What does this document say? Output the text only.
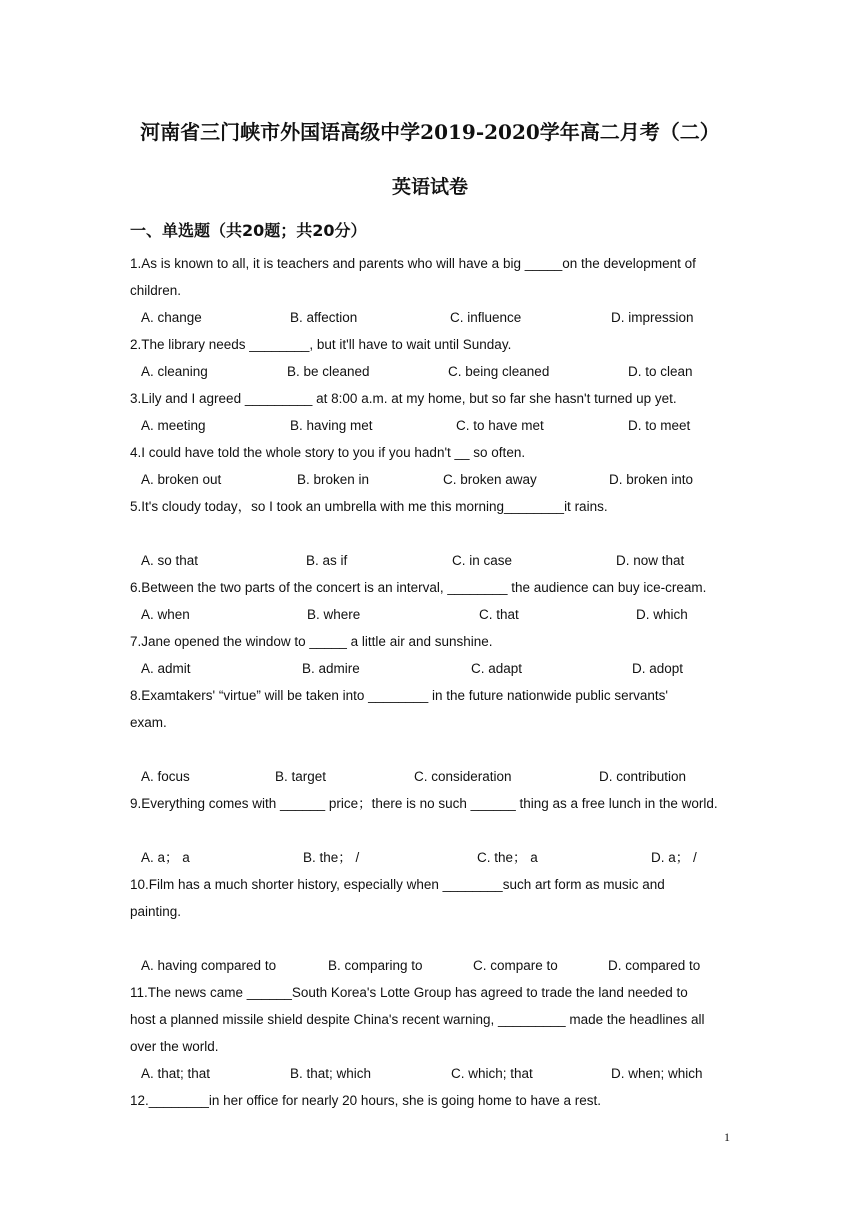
河南省三门峡市外国语高级中学2019-2020学年高二月考（二）
英语试卷
一、单选题（共20题；共20分）
1.As is known to all, it is teachers and parents who will have a big _____on the development of
children.
A. change	B. affection	C. influence	D. impression
2.The library needs ________, but it'll have to wait until Sunday.
A. cleaning	B. be cleaned	C. being cleaned	D. to clean
3.Lily and I agreed _________ at 8:00 a.m. at my home, but so far she hasn't turned up yet.
A. meeting	B. having met	C. to have met	D. to meet
4.I could have told the whole story to you if you hadn't __ so often.
A. broken out	B. broken in	C. broken away	D. broken into
5.It's cloudy today，so I took an umbrella with me this morning________it rains.
A. so that	B. as if	C. in case	D. now that
6.Between the two parts of the concert is an interval, ________ the audience can buy ice-cream.
A. when	B. where	C. that	D. which
7.Jane opened the window to _____ a little air and sunshine.
A. admit	B. admire	C. adapt	D. adopt
8.Examtakers' “virtue” will be taken into ________ in the future nationwide public servants'
exam.
A. focus	B. target	C. consideration	D. contribution
9.Everything comes with ______ price；there is no such ______ thing as a free lunch in the world.
A. a； a	B. the； /	C. the； a	D. a； /
10.Film has a much shorter history, especially when ________such art form as music and
painting.
A. having compared to	B. comparing to	C. compare to	D. compared to
11.The news came ______South Korea's Lotte Group has agreed to trade the land needed to
host a planned missile shield despite China's recent warning, _________ made the headlines all
over the world.
A. that; that	B. that; which	C. which; that	D. when; which
12.________in her office for nearly 20 hours, she is going home to have a rest.
1
